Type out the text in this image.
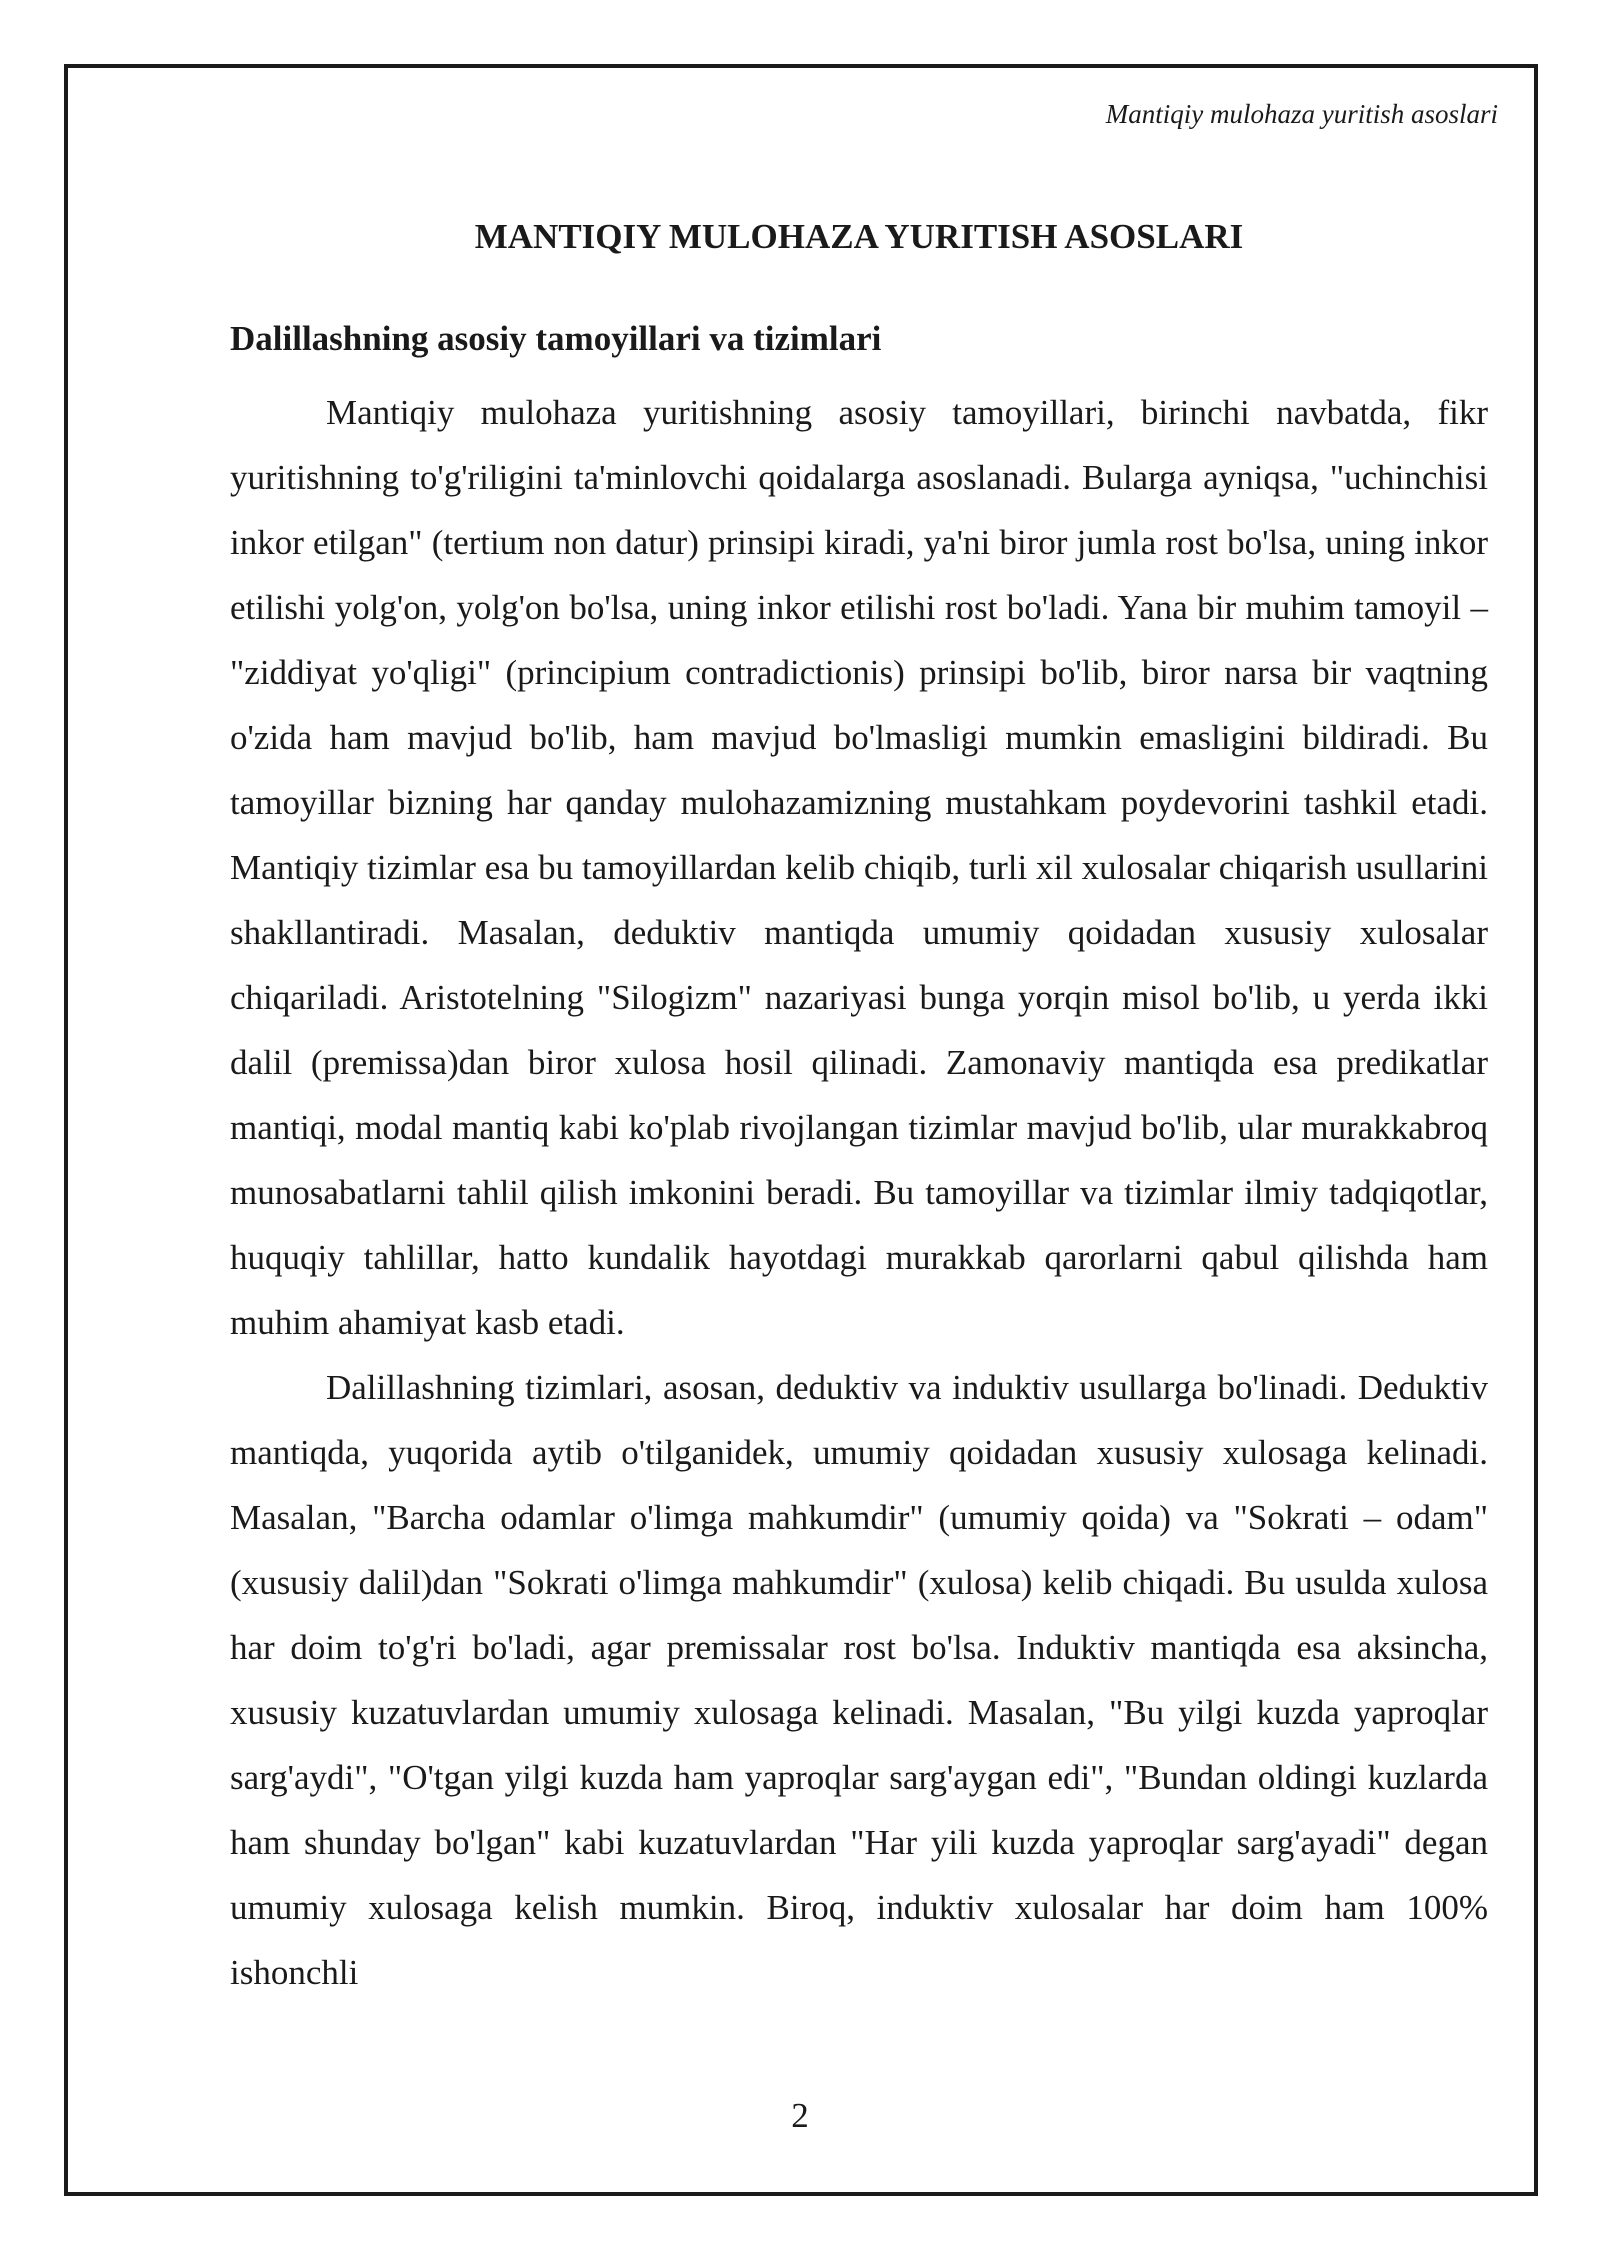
Mantiqiy mulohaza yuritish asoslari
MANTIQIY MULOHAZA YURITISH ASOSLARI
Dalillashning asosiy tamoyillari va tizimlari

Mantiqiy mulohaza yuritishning asosiy tamoyillari, birinchi navbatda, fikr yuritishning to'g'riligini ta'minlovchi qoidalarga asoslanadi. Bularga ayniqsa, "uchinchisi inkor etilgan" (tertium non datur) prinsipi kiradi, ya'ni biror jumla rost bo'lsa, uning inkor etilishi yolg'on, yolg'on bo'lsa, uning inkor etilishi rost bo'ladi. Yana bir muhim tamoyil – "ziddiyat yo'qligi" (principium contradictionis) prinsipi bo'lib, biror narsa bir vaqtning o'zida ham mavjud bo'lib, ham mavjud bo'lmasligi mumkin emasligini bildiradi. Bu tamoyillar bizning har qanday mulohazamizning mustahkam poydevorini tashkil etadi. Mantiqiy tizimlar esa bu tamoyillardan kelib chiqib, turli xil xulosalar chiqarish usullarini shakllantiradi. Masalan, deduktiv mantiqda umumiy qoidadan xususiy xulosalar chiqariladi. Aristotelning "Silogizm" nazariyasi bunga yorqin misol bo'lib, u yerda ikki dalil (premissa)dan biror xulosa hosil qilinadi. Zamonaviy mantiqda esa predikatlar mantiqi, modal mantiq kabi ko'plab rivojlangan tizimlar mavjud bo'lib, ular murakkabroq munosabatlarni tahlil qilish imkonini beradi. Bu tamoyillar va tizimlar ilmiy tadqiqotlar, huquqiy tahlillar, hatto kundalik hayotdagi murakkab qarorlarni qabul qilishda ham muhim ahamiyat kasb etadi.

Dalillashning tizimlari, asosan, deduktiv va induktiv usullarga bo'linadi. Deduktiv mantiqda, yuqorida aytib o'tilganidek, umumiy qoidadan xususiy xulosaga kelinadi. Masalan, "Barcha odamlar o'limga mahkumdir" (umumiy qoida) va "Sokrati – odam" (xususiy dalil)dan "Sokrati o'limga mahkumdir" (xulosa) kelib chiqadi. Bu usulda xulosa har doim to'g'ri bo'ladi, agar premissalar rost bo'lsa. Induktiv mantiqda esa aksincha, xususiy kuzatuvlardan umumiy xulosaga kelinadi. Masalan, "Bu yilgi kuzda yaproqlar sarg'aydi", "O'tgan yilgi kuzda ham yaproqlar sarg'aygan edi", "Bundan oldingi kuzlarda ham shunday bo'lgan" kabi kuzatuvlardan "Har yili kuzda yaproqlar sarg'ayadi" degan umumiy xulosaga kelish mumkin. Biroq, induktiv xulosalar har doim ham 100% ishonchli

2
